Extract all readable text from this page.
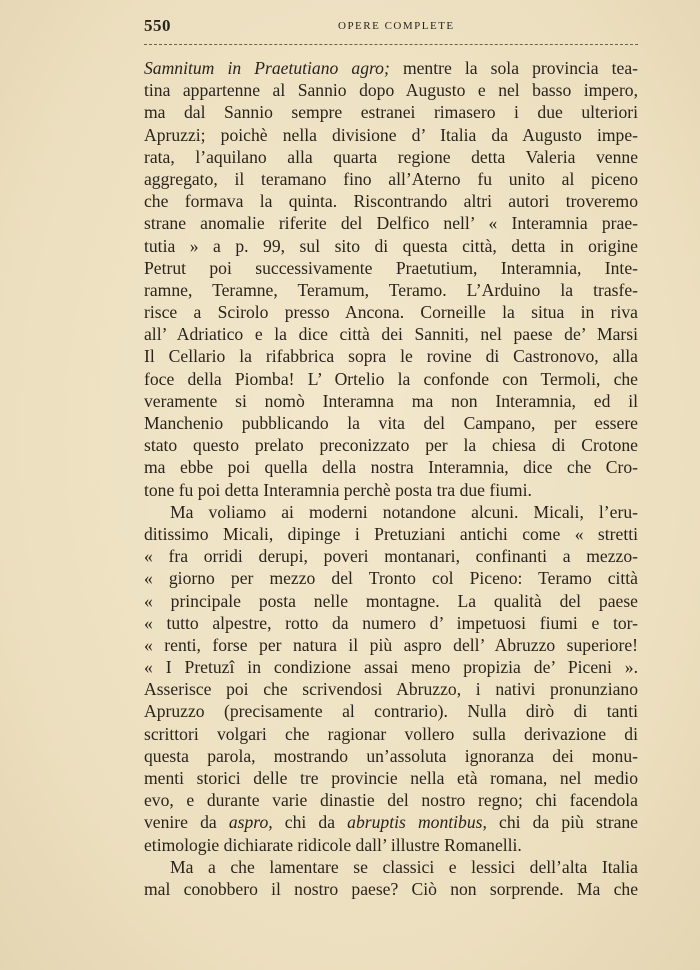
550	OPERE COMPLETE
Samnitum in Praetutiano agro; mentre la sola provincia tea-
tina appartenne al Sannio dopo Augusto e nel basso impero,
ma dal Sannio sempre estranei rimasero i due ulteriori
Apruzzi; poichè nella divisione d’ Italia da Augusto impe-
rata, l’aquilano alla quarta regione detta Valeria venne
aggregato, il teramano fino all’Aterno fu unito al piceno
che formava la quinta. Riscontrando altri autori troveremo
strane anomalie riferite del Delfico nell’ « Interamnia prae-
tutia » a p. 99, sul sito di questa città, detta in origine
Petrut poi successivamente Praetutium, Interamnia, Inte-
ramne, Teramne, Teramum, Teramo. L’Arduino la trasfe-
risce a Scirolo presso Ancona. Corneille la situa in riva
all’ Adriatico e la dice città dei Sanniti, nel paese de’ Marsi
Il Cellario la rifabbrica sopra le rovine di Castronovo, alla
foce della Piomba! L’ Ortelio la confonde con Termoli, che
veramente si nomò Interamna ma non Interamnia, ed il
Manchenio pubblicando la vita del Campano, per essere
stato questo prelato preconizzato per la chiesa di Crotone
ma ebbe poi quella della nostra Interamnia, dice che Cro-
tone fu poi detta Interamnia perchè posta tra due fiumi.
Ma voliamo ai moderni notandone alcuni. Micali, l’eru-
ditissimo Micali, dipinge i Pretuziani antichi come « stretti
« fra orridi derupi, poveri montanari, confinanti a mezzo-
« giorno per mezzo del Tronto col Piceno: Teramo città
« principale posta nelle montagne. La qualità del paese
« tutto alpestre, rotto da numero d’ impetuosi fiumi e tor-
« renti, forse per natura il più aspro dell’ Abruzzo superiore!
« I Pretuzî in condizione assai meno propizia de’ Piceni ».
Asserisce poi che scrivendosi Abruzzo, i nativi pronunziano
Apruzzo (precisamente al contrario). Nulla dirò di tanti
scrittori volgari che ragionar vollero sulla derivazione di
questa parola, mostrando un’assoluta ignoranza dei monu-
menti storici delle tre provincie nella età romana, nel medio
evo, e durante varie dinastie del nostro regno; chi facendola
venire da aspro, chi da abruptis montibus, chi da più strane
etimologie dichiarate ridicole dall’ illustre Romanelli.
Ma a che lamentare se classici e lessici dell’alta Italia
mal conobbero il nostro paese? Ciò non sorprende. Ma che
